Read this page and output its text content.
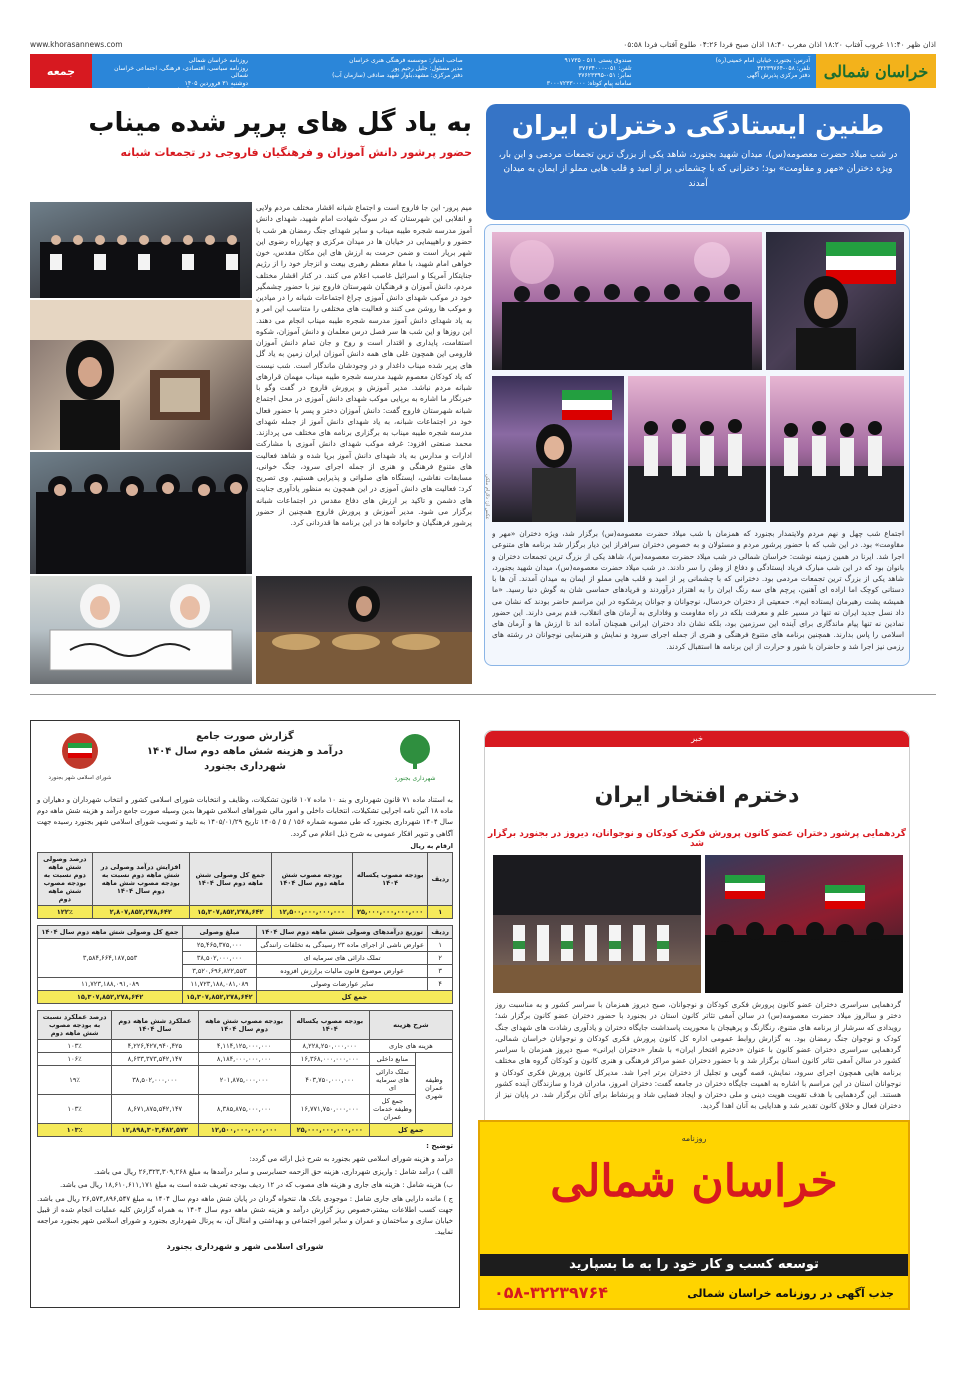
www.khorasannews.com	اذان ظهر ۱۱:۴۰ غروب آفتاب ۱۸:۲۰ اذان مغرب ۱۸:۴۰ اذان صبح فردا ۰۴:۲۶ طلوع آفتاب فردا ۰۵:۵۸
جمعه
آدرس: بجنورد، خیابان امام خمینی(ره)
تلفن: ۰۵۸-۳۲۲۳۹۷۶۴
دفتر مرکزی پذیرش آگهی
صندوق پستی ۵۱۱ - ۹۱۷۳۵
تلفن: ۰۵۱-۳۷۶۳۴۰۰۰
نمابر: ۰۵۱-۳۷۶۲۳۳۹۵
سامانه پیام کوتاه: ۳۰۰۰۷۲۳۳۰۰۰۰
شهرخراسان
صاحب امتیاز: موسسه فرهنگی هنری خراسان
مدیر مسئول: جلیل رحیم پور
دفتر مرکزی: مشهد،بلوار شهید صادقی (سازمان آب)
روزنامه خراسان شمالی
روزنامه سیاسی، اقتصادی، فرهنگی، اجتماعی خراسان شمالی
دوشنبه ۳۱ فروردین ۱۴۰۵
۳ ذی القعده ۱۴۴۷ - ۲۰ آوریل ۲۰۲۶ شماره ۳۲۹۸
خراسان شمالی
طنین ایستادگی دختران ایران

در شب میلاد حضرت معصومه(س)، میدان شهید بجنورد، شاهد یکی از بزرگ ترین تجمعات مردمی و این بار، ویژه دختران «مهر و مقاومت» بود؛ دخترانی که با چشمانی پر از امید و قلب هایی مملو از ایمان به میدان آمدند

عکس از: دلارام ملکی
اجتماع شب چهل و نهم مردم ولایتمدار بجنورد که همزمان با شب میلاد حضرت معصومه(س) برگزار شد، ویژه دختران «مهر و مقاومت» بود. در این شب که با حضور پرشور مردم و مسئولان و به خصوص دختران سرافراز این دیار برگزار شد برنامه های متنوعی اجرا شد. ایرنا در همین زمینه نوشت: خراسان شمالی در شب میلاد حضرت معصومه(س)، شاهد یکی از بزرگ ترین تجمعات دختران و بانوان بود که در این شب مبارک فریاد ایستادگی و دفاع از وطن را سر دادند. در شب میلاد حضرت معصومه(س)، میدان شهید بجنورد، شاهد یکی از بزرگ ترین تجمعات مردمی بود. دخترانی که با چشمانی پر از امید و قلب هایی مملو از ایمان به میدان آمدند. آن ها با دستانی کوچک اما اراده ای آهنین، پرچم های سه رنگ ایران را به اهتزاز درآوردند و فریادهای حماسی شان به گوش دنیا رسید. «ما همیشه پشت رهبرمان ایستاده ایم». حمعیتی از دختران خردسال، نوجوانان و جوانان پرشکوه در این مراسم حاضر بودند که نشان می داد نسل جدید ایران نه تنها در مسیر علم و معرفت بلکه در راه مقاومت و وفاداری به آرمان های انقلاب، قدم برمی دارند. این حضور نمادین نه تنها پیام ماندگاری برای آینده این سرزمین بود، بلکه نشان داد دختران ایرانی همچنان آماده اند تا ارزش ها و آرمان های اسلامی را پاس بدارند. همچنین برنامه های متنوع فرهنگی و هنری از جمله اجرای سرود و نمایش و هنرنمایی نوجوانان در رشته های رزمی نیز اجرا شد و حاضران با شور و حرارت از این برنامه ها استقبال کردند.
به یاد گل های پرپر شده میناب
حضور پرشور دانش آموزان و فرهنگیان فاروجی در تجمعات شبانه
میم پرور- این جا فاروج است و اجتماع شبانه اقشار مختلف مردم ولایی و انقلابی این شهرستان که در سوگ شهادت امام شهید، شهدای دانش آموز مدرسه شجره طیبه میناب و سایر شهدای جنگ رمضان هر شب با حضور و راهپیمایی در خیابان ها در میدان مرکزی و چهارراه رضوی این شهر برپار است و ضمن حرمت به ارزش های این مکان مقدس، خون خواهی امام شهید، با مقام معظم رهبری بیعت و انزجار خود را از رژیم جنایتکار آمریکا و اسرائیل غاصب اعلام می کنند. در کنار اقشار مختلف مردم، دانش آموزان و فرهنگیان شهرستان فاروج نیز با حضور چشمگیر خود در موکب شهدای دانش آموزی چراغ اجتماعات شبانه را در میادین و موکب ها روشن می کنند و فعالیت های مختلفی را متناسب این امر و به یاد شهدای دانش آموز مدرسه شجره طیبه میناب انجام می دهند. این روزها و این شب ها سر فصل درس معلمان و دانش آموزان، شکوه استقامت، پایداری و اقتدار است و روح و جان تمام دانش آموزان فارومی این همچون غلی های همه دانش آموزان ایران زمین به یاد گل های پرپر شده میناب داغدار و در وجودشان ماندگار است. شب نیست که یاد کودکان معصوم شهید مدرسه شجره طیبه میناب مهمان قرارهای شبانه مردم نباشد. مدیر آموزش و پرورش فاروج در گفت وگو با خبرنگار ما اشاره به برپایی موکب شهدای دانش آموزی در محل اجتماع شبانه شهرستان فاروج گفت: دانش آموزان دختر و پسر با حضور فعال خود در اجتماعات شبانه، به یاد شهدای دانش آموز از جمله شهدای مدرسه شجره طیبه میناب به برگزاری برنامه های مختلف می پردازند. محمد صنعتی افزود: غرفه موکب شهدای دانش آموزی با مشارکت ادارات و مدارس به یاد شهدای دانش آموز برپا شده و شاهد فعالیت های متنوع فرهنگی و هنری از جمله اجرای سرود، جنگ خوانی، مسابقات نقاشی، ایستگاه های صلواتی و پذیرایی هستیم. وی تصریح کرد: فعالیت های دانش آموزی در این همچون به منظور یادآوری جنایت های دشمن و تاکید بر ارزش های دفاع مقدس در اجتماعات شبانه برگزار می شود. مدیر آموزش و پرورش فاروج همچنین از حضور پرشور فرهنگیان و خانواده ها در این برنامه ها قدردانی کرد.
شهرداری بجنورد
گزارش صورت جامع
درآمد و هزینه شش ماهه دوم سال ۱۴۰۴
شهرداری بجنورد
شورای اسلامی شهر بجنورد
به استناد ماده ۷۱ قانون شهرداری و بند ۱۰ ماده ۱۰۷ قانون تشکیلات، وظایف و انتخابات شورای اسلامی کشور و انتخاب شهرداران و دهیاران و ماده ۱۸ آئین نامه اجرایی تشکیلات، انتخابات داخلی و امور مالی شوراهای اسلامی شهرها بدین وسیله صورت جامع درآمد و هزینه شش ماهه دوم سال ۱۴۰۴ شهرداری بجنورد که طی مصوبه شماره ۱۵۶ / ۵ / ۱۴۰۵ تاریخ ۱۴۰۵/۰۱/۲۹ به تایید و تصویب شورای اسلامی شهر بجنورد رسیده جهت آگاهی و تنویر افکار عمومی به شرح ذیل اعلام می گردد.
ارقام به ریال
ردیف	بودجه مصوب یکساله ۱۴۰۴	بودجه مصوب شش ماهه دوم سال ۱۴۰۴	جمع کل وصولی شش ماهه دوم سال ۱۴۰۴	افزایش درآمد وصولی در شش ماهه دوم نسبت به بودجه مصوب شش ماهه دوم سال ۱۴۰۴	درصد وصولی شش ماهه دوم نسبت به بودجه مصوب شش ماهه دوم
۱	۲۵,۰۰۰,۰۰۰,۰۰۰,۰۰۰	۱۲,۵۰۰,۰۰۰,۰۰۰,۰۰۰	۱۵,۳۰۷,۸۵۲,۲۷۸,۶۴۲	۲,۸۰۷,۸۵۲,۲۷۸,۶۴۲	۱۲۲٪
ردیف	توزیع درآمدهای وصولی شش ماهه دوم سال ۱۴۰۴	مبلغ وصولی	جمع کل وصولی شش ماهه دوم سال ۱۴۰۴
۱	عوارض ناشی از اجرای ماده ۲۳ رسیدگی به تخلفات رانندگی	۲۵,۴۶۵,۳۷۵,۰۰۰	۳,۵۸۴,۶۶۴,۱۸۷,۵۵۳
۲	تملک دارائی های سرمایه ای	۳۸,۵۰۲,۰۰۰,۰۰۰	
۳	عوارض موضوع قانون مالیات برارزش افزوده	۳,۵۲۰,۶۹۶,۸۲۲,۵۵۳	
۴	سایر عوارضات وصولی	۱۱,۷۲۳,۱۸۸,۰۸۱,۰۸۹	۱۱,۷۲۳,۱۸۸,۰۹۱,۰۸۹
جمع کل		۱۵,۳۰۷,۸۵۲,۲۷۸,۶۴۲	۱۵,۳۰۷,۸۵۲,۲۷۸,۶۴۲
شرح هزینه		بودجه مصوب یکساله ۱۴۰۴	بودجه مصوب شش ماهه دوم سال ۱۴۰۴	عملکرد شش ماهه دوم سال ۱۴۰۴	درصد عملکرد نسبت به بودجه مصوب شش ماهه دوم
هزینه های جاری		۸,۲۲۸,۲۵۰,۰۰۰,۰۰۰	۴,۱۱۴,۱۲۵,۰۰۰,۰۰۰	۴,۲۲۶,۴۲۷,۹۴۰,۴۲۵	۱۰۳٪
وظیفه عمران شهری	منابع داخلی	۱۶,۳۶۸,۰۰۰,۰۰۰,۰۰۰	۸,۱۸۴,۰۰۰,۰۰۰,۰۰۰	۸,۶۳۳,۳۷۳,۵۴۲,۱۴۷	۱۰۶٪
	تملک دارائی های سرمایه ای	۴۰۳,۷۵۰,۰۰۰,۰۰۰	۲۰۱,۸۷۵,۰۰۰,۰۰۰	۳۸,۵۰۲,۰۰۰,۰۰۰	۱۹٪
	جمع کل وظیفه خدمات عمران	۱۶,۷۷۱,۷۵۰,۰۰۰,۰۰۰	۸,۳۸۵,۸۷۵,۰۰۰,۰۰۰	۸,۶۷۱,۸۷۵,۵۴۲,۱۴۷	۱۰۳٪
جمع کل		۲۵,۰۰۰,۰۰۰,۰۰۰,۰۰۰	۱۲,۵۰۰,۰۰۰,۰۰۰,۰۰۰	۱۲,۸۹۸,۳۰۳,۴۸۲,۵۷۲	۱۰۳٪
توضیح :
درآمد و هزینه شورای اسلامی شهر بجنورد به شرح ذیل ارائه می گردد:
الف ) درآمد شامل : واریزی شهرداری، هزینه حق الزحمه حسابرسی و سایر درآمدها به مبلغ ۲۶,۳۲۳,۳۰۹,۲۶۸ ریال می باشد.
ب) هزینه شامل : هزینه های جاری و هزینه های مصوب که در ۱۲ ردیف بودجه تعریف شده است به مبلغ ۱۸,۶۱۰,۶۱۱,۱۷۱ ریال می باشد.
ج ) مانده دارایی های جاری شامل : موجودی بانک ها، تنخواه گردان در پایان شش ماهه دوم سال ۱۴۰۴ به مبلغ ۲۶,۵۷۴,۸۹۶,۵۴۷ ریال می باشد. جهت کسب اطلاعات بیشتر،خصوص ریز گزارش درآمد و هزینه شش ماهه دوم سال ۱۴۰۴ به همراه گزارش کلیه عملیات انجام شده از قبیل خیابان سازی و ساختمان و عمران و سایر امور اجتماعی و بهداشتی و امثال آن، به پرتال شهرداری بجنورد و شورای اسلامی شهر بجنورد مراجعه نمایید.
شورای اسلامی شهر و شهرداری بجنورد
خبر
دخترم افتخار ایران
گردهمایی پرشور دختران عضو کانون پرورش فکری کودکان و نوجوانان، دیروز در بجنورد برگزار شد
گردهمایی سراسری دختران عضو کانون پرورش فکری کودکان و نوجوانان، صبح دیروز همزمان با سراسر کشور و به مناسبت روز دختر و سالروز میلاد حضرت معصومه(س) در سالن آمفی تئاتر کانون استان در بجنورد با حضور دختران عضو کانون برگزار شد؛ رویدادی که سرشار از برنامه های متنوع، رنگارنگ و پرهیجان با محوریت پاسداشت جایگاه دختران و یادآوری رشادت های شهدای جنگ کودک و نوجوان جنگ رمضان بود. به گزارش روابط عمومی اداره کل کانون پرورش فکری کودکان و نوجوانان خراسان شمالی، گردهمایی سراسری دختران عضو کانون با عنوان «دخترم افتخار ایران» با شعار «دختران ایرانی» صبح دیروز همزمان با سراسر کشور در سالن آمفی تئاتر کانون استان برگزار شد و با حضور دختران عضو مراکز فرهنگی و هنری کانون و کودکان گروه های مختلف برنامه هایی همچون اجرای سرود، نمایش، قصه گویی و تجلیل از دختران برتر اجرا شد. مدیرکل کانون پرورش فکری کودکان و نوجوانان استان در این مراسم با اشاره به اهمیت جایگاه دختران در جامعه گفت: دختران امروز، مادران فردا و سازندگان آینده کشور هستند. این گردهمایی با هدف تقویت هویت دینی و ملی دختران و ایجاد فضایی شاد و پرنشاط برای آنان برگزار شد. در پایان نیز از دختران فعال و خلاق کانون تقدیر شد و هدایایی به آنان اهدا گردید.
روزنامه
خراسان شمالی
توسعه کسب و کار خود را به ما بسپارید
۰۵۸-۳۲۲۳۹۷۶۴	جذب آگهی در روزنامه خراسان شمالی
